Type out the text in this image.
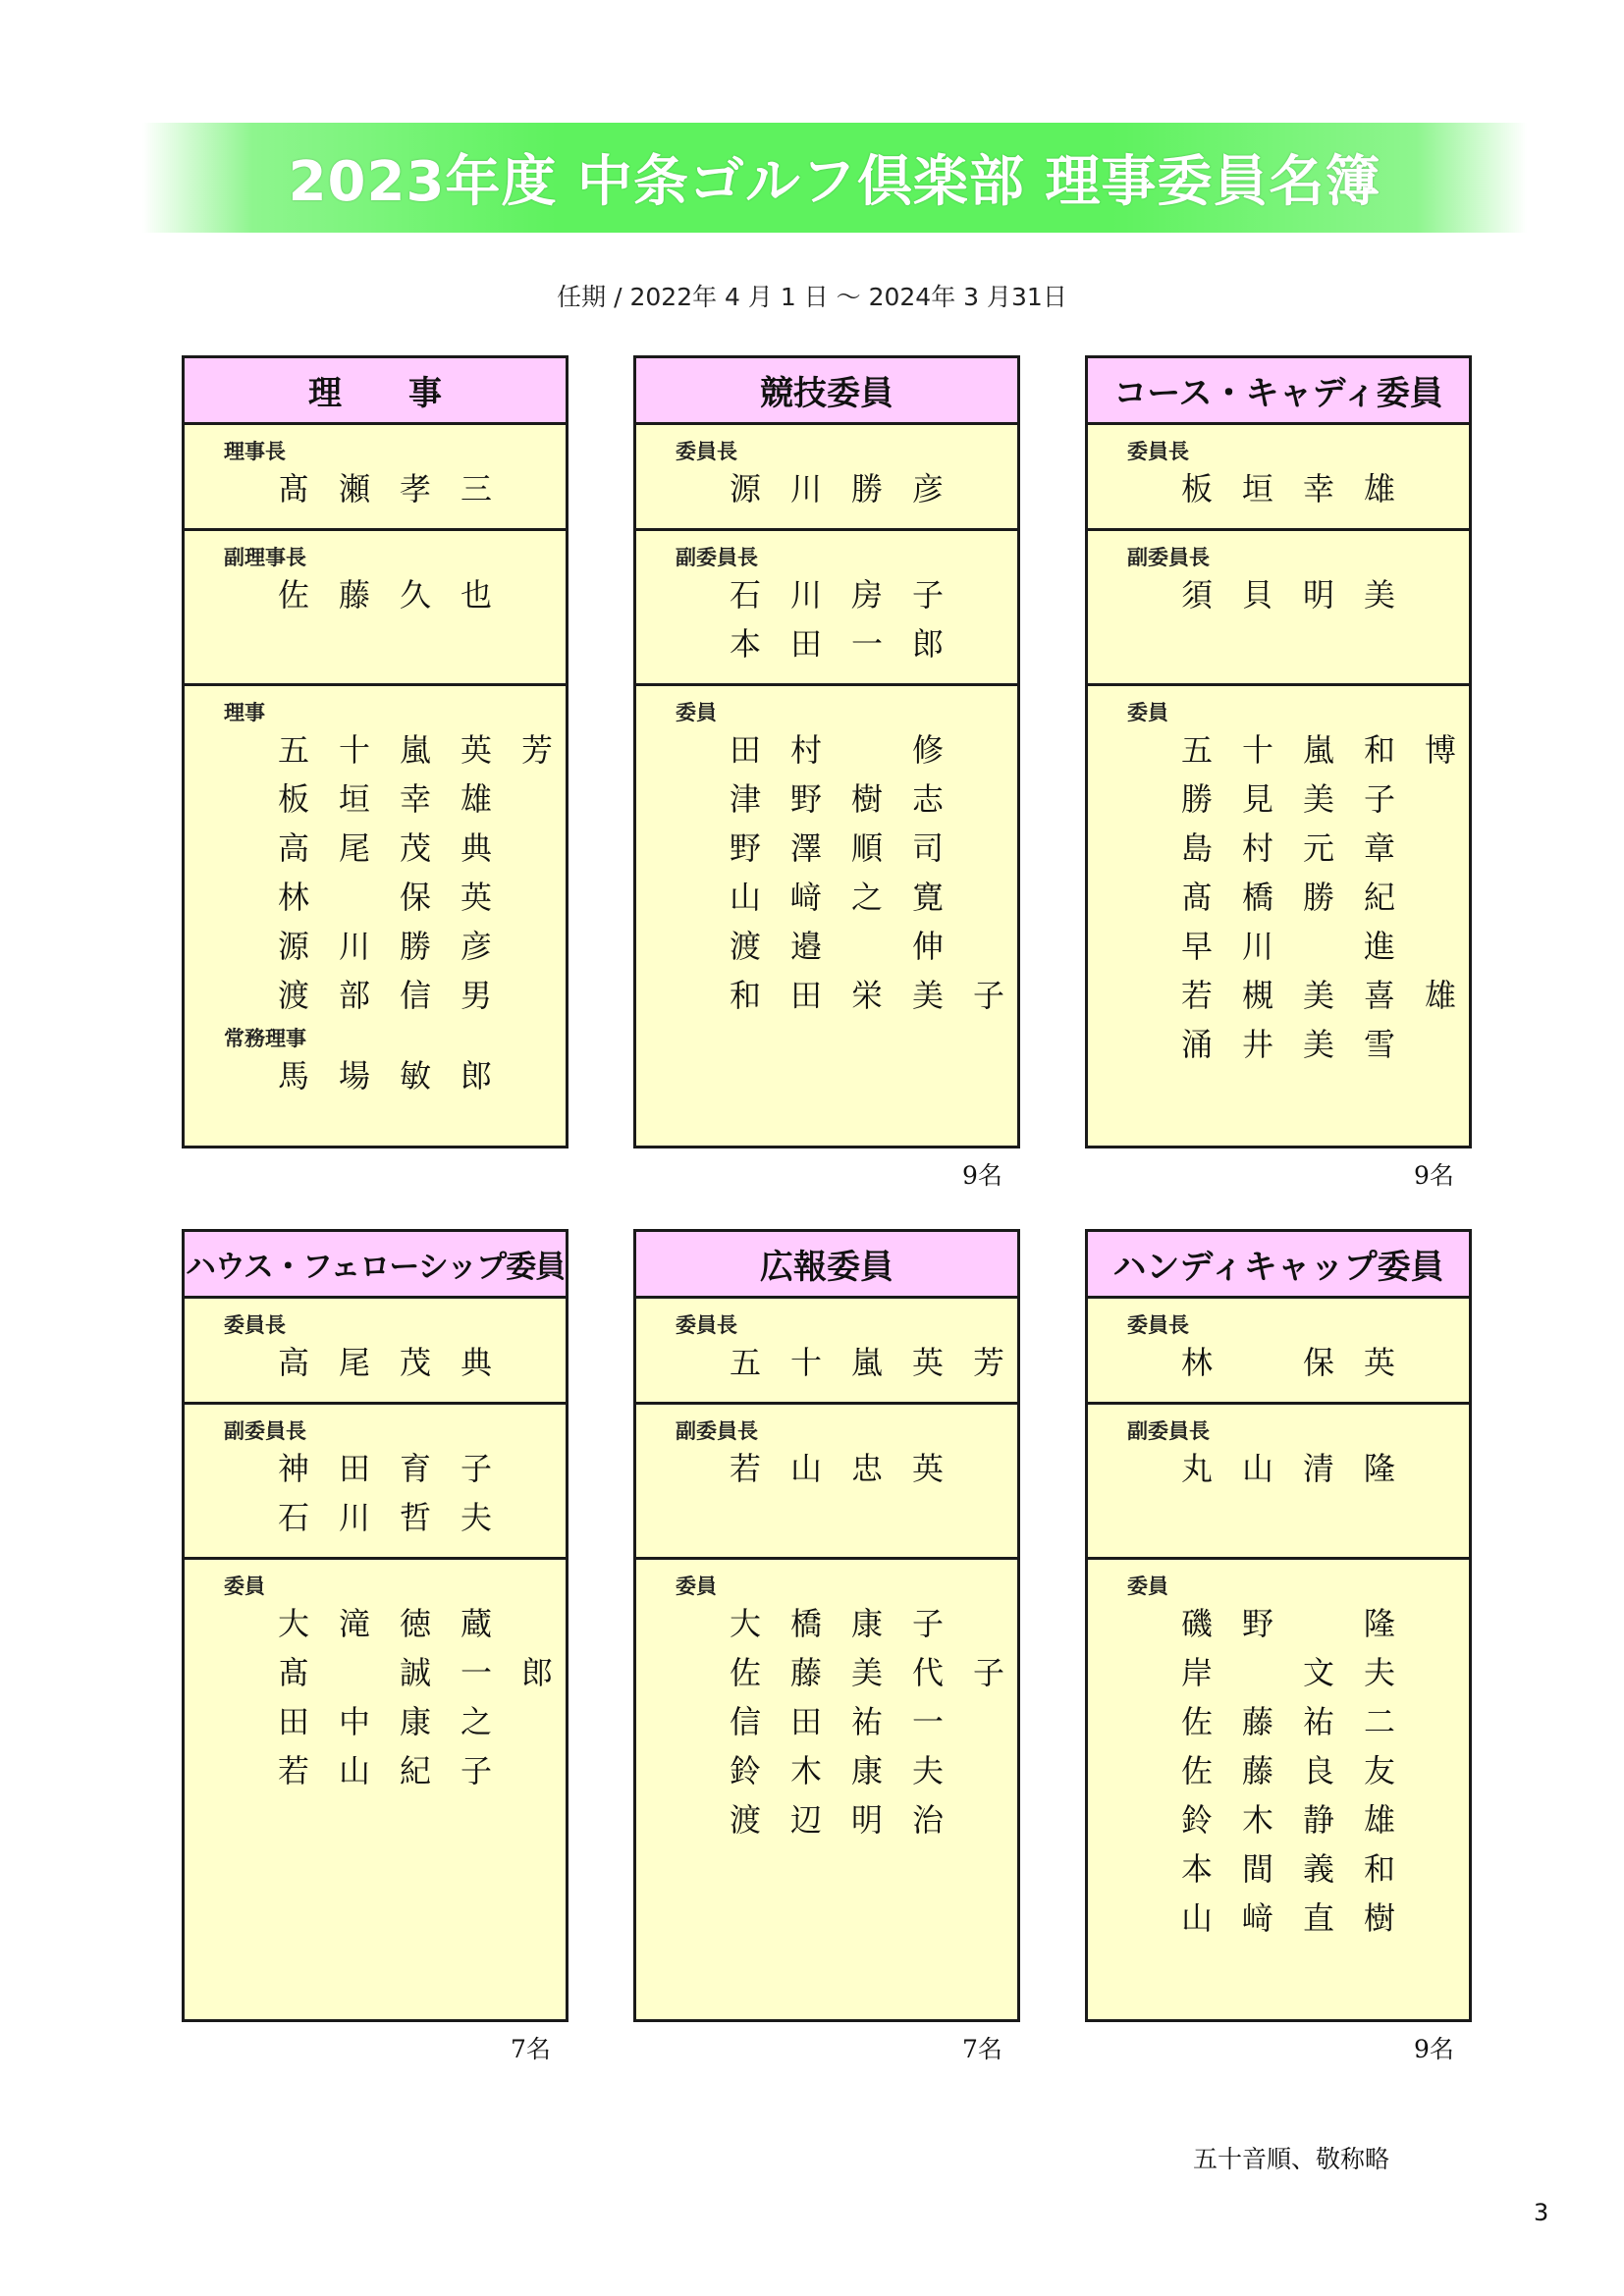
2023年度 中条ゴルフ倶楽部 理事委員名簿
任期 / 2022年 4 月 1 日 ～ 2024年 3 月31日
理　　事
理事長
髙瀬孝三
副理事長
佐藤久也
理事
五十嵐英芳
板垣幸雄
高尾茂典
林　保英
源川勝彦
渡部信男
常務理事
馬場敏郎
競技委員
委員長
源川勝彦
副委員長
石川房子
本田一郎
委員
田村　修
津野樹志
野澤順司
山﨑之寛
渡邉　伸
和田栄美子
9名
コース・キャディ委員
委員長
板垣幸雄
副委員長
須貝明美
委員
五十嵐和博
勝見美子
島村元章
髙橋勝紀
早川　進
若槻美喜雄
涌井美雪
9名
ハウス・フェローシップ委員
委員長
高尾茂典
副委員長
神田育子
石川哲夫
委員
大滝徳蔵
髙　誠一郎
田中康之
若山紀子
7名
広報委員
委員長
五十嵐英芳
副委員長
若山忠英
委員
大橋康子
佐藤美代子
信田祐一
鈴木康夫
渡辺明治
7名
ハンディキャップ委員
委員長
林　保英
副委員長
丸山清隆
委員
磯野　隆
岸　文夫
佐藤祐二
佐藤良友
鈴木静雄
本間義和
山﨑直樹
9名
五十音順、敬称略
3
